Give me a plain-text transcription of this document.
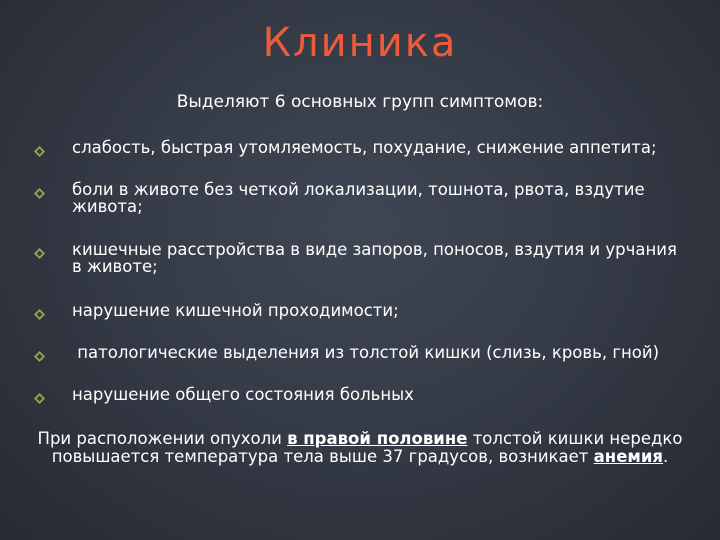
Клиника
Выделяют 6 основных групп симптомов:
слабость, быстрая утомляемость, похудание, снижение аппетита;
боли в животе без четкой локализации, тошнота, рвота, вздутие живота;
кишечные расстройства в виде запоров, поносов, вздутия и урчания в животе;
нарушение кишечной проходимости;
патологические выделения из толстой кишки (слизь, кровь, гной)
нарушение общего состояния больных
При расположении опухоли в правой половине толстой кишки нередко повышается температура тела выше 37 градусов, возникает анемия.
